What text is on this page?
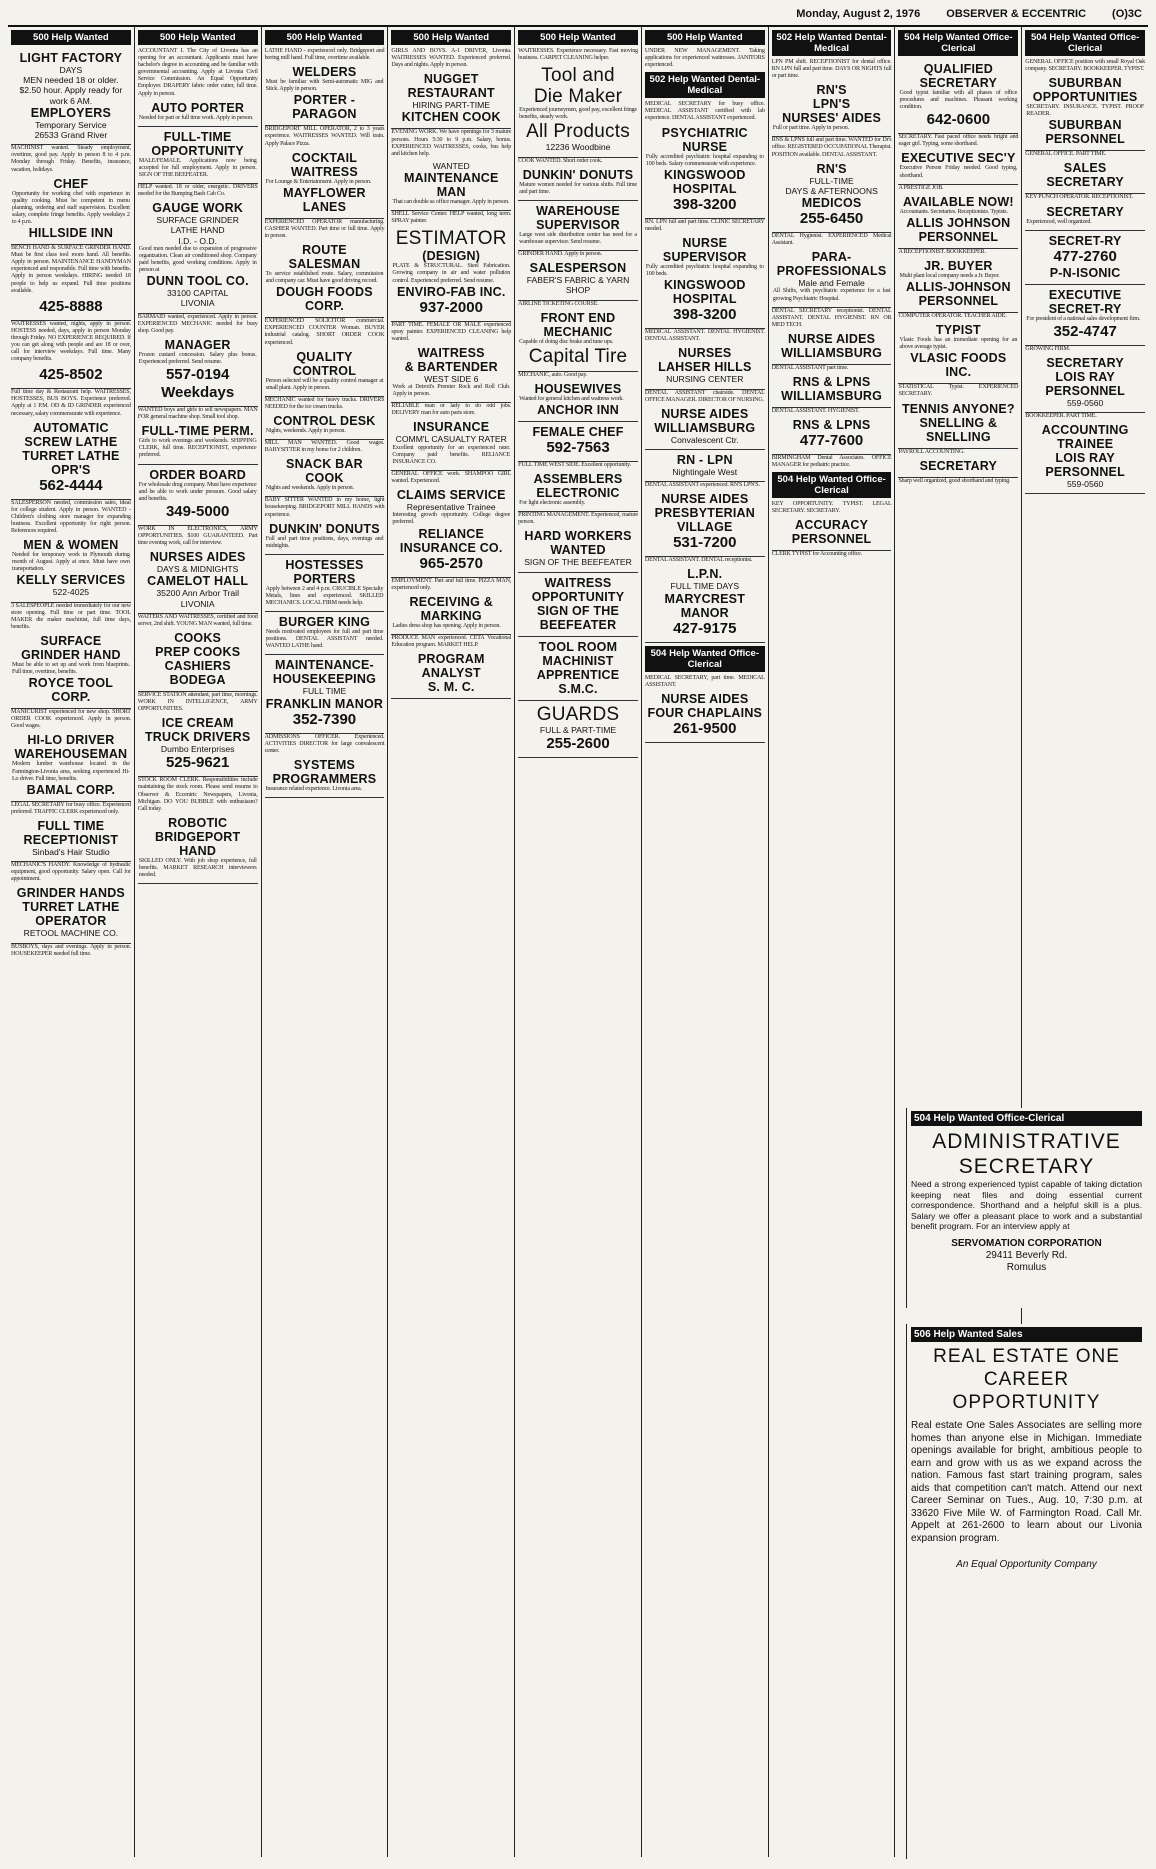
Monday, August 2, 1976 OBSERVER & ECCENTRIC (O)3C
500 Help Wanted
LIGHT FACTORY
DAYS
MEN needed 18 or older. $2.50 hour. Apply ready for work 6 AM.
EMPLOYERS
Temporary Service
26533 Grand River
MACHINIST wanted. Steady employment, overtime, good pay. Apply in person 8 to 4 p.m. Monday through Friday. Benefits, insurance, vacation, holidays.
CHEF
Opportunity for working chef with experience in quality cooking. Must be competent in menu planning, ordering and staff supervision. Excellent salary, complete fringe benefits. Apply weekdays 2 to 4 p.m.
HILLSIDE INN
BENCH HAND & SURFACE GRINDER HAND. Must be first class tool room hand. All benefits. Apply in person. MAINTENANCE HANDYMAN experienced and responsible. Full time with benefits. Apply in person weekdays. HIRING needed 18 people to help us expand. Full time positions available.
425-8888
WAITRESSES wanted, nights, apply in person. HOSTESS needed, days, apply in person Monday through Friday. NO EXPERIENCE REQUIRED. If you can get along with people and are 18 or over, call for interview weekdays. Full time. Many company benefits.
425-8502
Full time day & Restaurant help. WAITRESSES, HOSTESSES, BUS BOYS. Experience preferred. Apply at 1 P.M. OD & ID GRINDER experienced necessary, salary commensurate with experience.
AUTOMATIC SCREW LATHE
TURRET LATHE OPR'S
562-4444
SALESPERSON needed, commission sales, ideal for college student. Apply in person. WANTED - Children's clothing store manager for expanding business. Excellent opportunity for right person. References required.
MEN & WOMEN
Needed for temporary work in Plymouth during month of August. Apply at once. Must have own transportation.
KELLY SERVICES
522-4025
3 SALESPEOPLE needed immediately for our new store opening. Full time or part time. TOOL MAKER die maker machinist, full time days, benefits.
SURFACE GRINDER HAND
Must be able to set up and work from blueprints. Full time, overtime, benefits.
ROYCE TOOL CORP.
MANICURIST experienced for new shop. SHORT ORDER COOK experienced. Apply in person. Good wages.
HI-LO DRIVER
WAREHOUSEMAN
Modern lumber warehouse located in the Farmington-Livonia area, seeking experienced Hi-Lo driver. Full time, benefits.
BAMAL CORP.
LEGAL SECRETARY for busy office. Experienced preferred. TRAFFIC CLERK experienced only.
FULL TIME
RECEPTIONIST
Sinbad's Hair Studio
MECHANIC'S HANDY. Knowledge of hydraulic equipment, good opportunity. Salary open. Call for appointment.
GRINDER HANDS
TURRET LATHE
OPERATOR
RETOOL MACHINE CO.
BUSBOYS, days and evenings. Apply in person. HOUSEKEEPER needed full time.
500 Help Wanted
ACCOUNTANT I. The City of Livonia has an opening for an accountant. Applicants must have bachelor's degree in accounting and be familiar with governmental accounting. Apply at Livonia Civil Service Commission. An Equal Opportunity Employer. DRAPERY fabric order cutter, full time. Apply in person.
AUTO PORTER
Needed for part or full time work. Apply in person.
FULL-TIME
OPPORTUNITY
MALE/FEMALE. Applications now being accepted for full employment. Apply in person. SIGN OF THE BEEFEATER.
HELP wanted. 18 or older, energetic. DRIVERS needed for the Bumping Bash Cab Co.
GAUGE WORK
SURFACE GRINDER
LATHE HAND
I.D. - O.D.
Good men needed due to expansion of progressive organization. Clean air conditioned shop. Company paid benefits, good working conditions. Apply in person at
DUNN TOOL CO.
33100 CAPITAL
LIVONIA
BARMAID wanted, experienced. Apply in person. EXPERIENCED MECHANIC needed for busy shop. Good pay.
MANAGER
Frozen custard concession. Salary plus bonus. Experienced preferred. Send resume.
557-0194 Weekdays
WANTED boys and girls to sell newspapers. MAN FOR general machine shop. Small tool shop.
FULL-TIME PERM.
Girls to work evenings and weekends. SHIPPING CLERK, full time. RECEPTIONIST, experience preferred.
ORDER BOARD
For wholesale drug company. Must have experience and be able to work under pressure. Good salary and benefits.
349-5000
WORK IN ELECTRONICS, ARMY OPPORTUNITIES. $100 GUARANTEED. Part time evening work, call for interview.
NURSES AIDES
DAYS & MIDNIGHTS
CAMELOT HALL
35200 Ann Arbor Trail
LIVONIA
WAITERS AND WAITRESSES, certified and food server, 2nd shift. YOUNG MAN wanted, full time.
COOKS
PREP COOKS
CASHIERS
BODEGA
SERVICE STATION attendant, part time, mornings. WORK IN INTELLIGENCE, ARMY OPPORTUNITIES.
ICE CREAM
TRUCK DRIVERS
Dumbo Enterprises
525-9621
STOCK ROOM CLERK. Responsibilities include maintaining the stock room. Please send resume to Observer & Eccentric Newspapers, Livonia, Michigan. DO YOU BUBBLE with enthusiasm? Call today.
ROBOTIC BRIDGEPORT HAND
SKILLED ONLY. With job shop experience, full benefits. MARKET RESEARCH interviewers needed.
500 Help Wanted
LATHE HAND - experienced only. Bridgeport and boring mill hand. Full time, overtime available.
WELDERS
Must be familiar with Semi-automatic MIG and Stick. Apply in person.
PORTER - PARAGON
BRIDGEPORT MILL OPERATOR, 2 to 3 years experience. WAITRESSES WANTED. Will train. Apply Palace Pizza.
COCKTAIL
WAITRESS
For Lounge & Entertainment. Apply in person.
MAYFLOWER LANES
EXPERIENCED OPERATOR manufacturing. CASHIER WANTED. Part time or full time. Apply in person.
ROUTE
SALESMAN
To service established route. Salary, commission and company car. Must have good driving record.
DOUGH FOODS CORP.
EXPERIENCED SOLICITOR commercial. EXPERIENCED COUNTER Woman. BUYER industrial catalog. SHORT ORDER COOK experienced.
QUALITY CONTROL
Person selected will be a quality control manager at small plant. Apply in person.
MECHANIC wanted for heavy trucks. DRIVERS NEEDED for the ice cream trucks.
CONTROL DESK
Nights, weekends. Apply in person.
MILL MAN WANTED. Good wages. BABYSITTER in my home for 2 children.
SNACK BAR COOK
Nights and weekends. Apply in person.
BABY SITTER WANTED in my home, light housekeeping. BRIDGEPORT MILL HANDS with experience.
DUNKIN' DONUTS
Full and part time positions, days, evenings and midnights.
HOSTESSES
PORTERS
Apply between 2 and 4 p.m. CRUCIBLE Specialty Metals, lines and experienced. SKILLED MECHANICS. LOCAL FIRM needs help.
BURGER KING
Needs motivated employees for full and part time positions. DENTAL ASSISTANT needed. WANTED LATHE hand.
MAINTENANCE-
HOUSEKEEPING
FULL TIME
FRANKLIN MANOR
352-7390
ADMISSIONS OFFICER. Experienced. ACTIVITIES DIRECTOR for large convalescent center.
SYSTEMS PROGRAMMERS
Insurance related experience. Livonia area.
500 Help Wanted
GIRLS AND BOYS. A-1 DRIVER, Livonia. WAITRESSES WANTED. Experienced preferred. Days and nights. Apply in person.
NUGGET RESTAURANT
HIRING PART-TIME
KITCHEN COOK
EVENING WORK. We have openings for 3 mature persons. Hours 5:30 to 9 p.m. Salary, bonus. EXPERIENCED WAITRESSES, cooks, bus help and kitchen help.
WANTED
MAINTENANCE MAN
That can double as office manager. Apply in person.
SHELL Service Center. HELP wanted, long term. SPRAY painter.
ESTIMATOR
(DESIGN)
PLATE & STRUCTURAL. Steel Fabrication. Growing company in air and water pollution control. Experienced preferred. Send resume.
ENVIRO-FAB INC.
937-2000
PART TIME. FEMALE OR MALE experienced spray painter. EXPERIENCED CLEANING help wanted.
WAITRESS
& BARTENDER
WEST SIDE 6
Work at Detroit's Premier Rock and Roll Club. Apply in person.
RELIABLE man or lady to do odd jobs. DELIVERY man for auto parts store.
INSURANCE
COMM'L CASUALTY RATER
Excellent opportunity for an experienced rater. Company paid benefits. RELIANCE INSURANCE CO.
GENERAL OFFICE work. SHAMPOO GIRL wanted. Experienced.
CLAIMS SERVICE
Representative Trainee
Interesting growth opportunity. College degree preferred.
RELIANCE INSURANCE CO.
965-2570
EMPLOYMENT. Part and full time. PIZZA MAN, experienced only.
RECEIVING &
MARKING
Ladies dress shop has opening. Apply in person.
PRODUCE MAN experienced. CETA Vocational Education program. MARKET HELP.
PROGRAM
ANALYST
S. M. C.
500 Help Wanted
WAITRESSES. Experience necessary. Fast moving business. CARPET CLEANING helper.
Tool and
Die Maker
Experienced journeymen, good pay, excellent fringe benefits, steady work.
All Products
12236 Woodbine
COOK WANTED. Short order cook.
DUNKIN' DONUTS
Mature women needed for various shifts. Full time and part time.
WAREHOUSE
SUPERVISOR
Large west side distribution center has need for a warehouse supervisor. Send resume.
GRINDER HAND. Apply in person.
SALESPERSON
FABER'S FABRIC & YARN SHOP
AIRLINE TICKETING COURSE.
FRONT END
MECHANIC
Capable of doing disc brake and tune ups.
Capital Tire
MECHANIC, auto. Good pay.
HOUSEWIVES
Wanted for general kitchen and waitress work.
ANCHOR INN
FEMALE CHEF
592-7563
FULL TIME WEST SIDE. Excellent opportunity.
ASSEMBLERS
ELECTRONIC
For light electronic assembly.
PRINTING MANAGEMENT. Experienced, mature person.
HARD WORKERS
WANTED
SIGN OF THE BEEFEATER
WAITRESS
OPPORTUNITY
SIGN OF THE
BEEFEATER
TOOL ROOM
MACHINIST
APPRENTICE
S.M.C.
GUARDS
FULL & PART-TIME
255-2600
500 Help Wanted
UNDER NEW MANAGEMENT. Taking applications for experienced waitresses. JANITORS experienced.
502 Help Wanted Dental-Medical
MEDICAL SECRETARY for busy office. MEDICAL ASSISTANT certified with lab experience. DENTAL ASSISTANT experienced.
PSYCHIATRIC
NURSE
Fully accredited psychiatric hospital expanding to 100 beds. Salary commensurate with experience.
KINGSWOOD
HOSPITAL
398-3200
RN. LPN full and part time. CLINIC SECRETARY needed.
NURSE
SUPERVISOR
Fully accredited psychiatric hospital expanding to 100 beds.
KINGSWOOD
HOSPITAL
398-3200
MEDICAL ASSISTANT. DENTAL HYGIENIST. DENTAL ASSISTANT.
NURSES
LAHSER HILLS
NURSING CENTER
DENTAL ASSISTANT chairside. DENTAL OFFICE MANAGER. DIRECTOR OF NURSING.
NURSE AIDES
WILLIAMSBURG
Convalescent Ctr.
RN - LPN
Nightingale West
DENTAL ASSISTANT experienced. RN'S LPN'S.
NURSE AIDES
PRESBYTERIAN VILLAGE
531-7200
DENTAL ASSISTANT. DENTAL receptionist.
L.P.N.
FULL TIME DAYS
MARYCREST MANOR
427-9175
504 Help Wanted Office-Clerical
MEDICAL SECRETARY, part time. MEDICAL ASSISTANT.
NURSE AIDES
FOUR CHAPLAINS
261-9500
502 Help Wanted Dental-Medical
LPN PM shift. RECEPTIONIST for dental office. RN LPN full and part time. DAYS OR NIGHTS full or part time.
RN'S
LPN'S
NURSES' AIDES
Full or part time. Apply in person.
RNS & LPNS full and part time. WANTED for Dr's office. REGISTERED OCCUPATIONAL Therapist. POSITION available. DENTAL ASSISTANT.
RN'S
FULL-TIME
DAYS & AFTERNOONS
MEDICOS
255-6450
DENTAL Hygienist. EXPERIENCED Medical Assistant.
PARA-PROFESSIONALS
Male and Female
All Shifts, with psychiatric experience for a fast growing Psychiatric Hospital.
DENTAL SECRETARY receptionist. DENTAL ASSISTANT. DENTAL HYGIENIST. RN OR MED TECH.
NURSE AIDES
WILLIAMSBURG
DENTAL ASSISTANT part time.
RNS & LPNS
WILLIAMSBURG
DENTAL ASSISTANT. HYGIENIST.
RNS & LPNS
477-7600
BIRMINGHAM Dental Associates. OFFICE MANAGER for pediatric practice.
504 Help Wanted Office-Clerical
KEY OPPORTUNITY. TYPIST. LEGAL SECRETARY. SECRETARY.
ACCURACY PERSONNEL
CLERK TYPIST for Accounting office.
504 Help Wanted Office-Clerical
QUALIFIED
SECRETARY
Good typist familiar with all phases of office procedures and machines. Pleasant working condition.
642-0600
SECRETARY. Fast paced office needs bright and eager girl. Typing, some shorthand.
EXECUTIVE SEC'Y
Executive Person Friday needed. Good typing, shorthand.
A PRESTIGE JOB.
AVAILABLE NOW!
Accountants. Secretaries. Receptionists. Typists.
ALLIS JOHNSON PERSONNEL
A RECEPTIONIST. BOOKKEEPER.
JR. BUYER
Multi plant local company needs a Jr. Buyer.
ALLIS-JOHNSON PERSONNEL
COMPUTER OPERATOR. TEACHER AIDE.
TYPIST
Vlasic Foods has an immediate opening for an above average typist.
VLASIC FOODS INC.
STATISTICAL Typist. EXPERIENCED SECRETARY.
TENNIS ANYONE?
SNELLING & SNELLING
PAYROLL ACCOUNTING.
SECRETARY
Sharp well organized, good shorthand and typing.
504 Help Wanted Office-Clerical
GENERAL OFFICE position with small Royal Oak company. SECRETARY. BOOKKEEPER. TYPIST.
SUBURBAN
OPPORTUNITIES
SECRETARY. INSURANCE. TYPIST. PROOF READER.
SUBURBAN PERSONNEL
GENERAL OFFICE. PART TIME.
SALES SECRETARY
KEY PUNCH OPERATOR. RECEPTIONIST.
SECRETARY
Experienced, well organized.
SECRET-RY
477-2760
P-N-ISONIC
EXECUTIVE
SECRET-RY
For president of a national sales development firm.
352-4747
GROWING FIRM.
SECRETARY
LOIS RAY PERSONNEL
559-0560
BOOKKEEPER. PART TIME.
ACCOUNTING
TRAINEE
LOIS RAY PERSONNEL
559-0560
504 Help Wanted Office-Clerical
ADMINISTRATIVE SECRETARY
Need a strong experienced typist capable of taking dictation keeping neat files and doing essential current correspondence. Shorthand and a helpful skill is a plus. Salary we offer a pleasant place to work and a substantial benefit program. For an interview apply at
SERVOMATION CORPORATION
29411 Beverly Rd.
Romulus
506 Help Wanted Sales
REAL ESTATE ONE CAREER OPPORTUNITY
Real estate One Sales Associates are selling more homes than anyone else in Michigan. Immediate openings available for bright, ambitious people to earn and grow with us as we expand across the nation. Famous fast start training program, sales aids that competition can't match. Attend our next Career Seminar on Tues., Aug. 10, 7:30 p.m. at 33620 Five Mile W. of Farmington Road. Call Mr. Appelt at 261-2600 to learn about our Livonia expansion program.
An Equal Opportunity Company
